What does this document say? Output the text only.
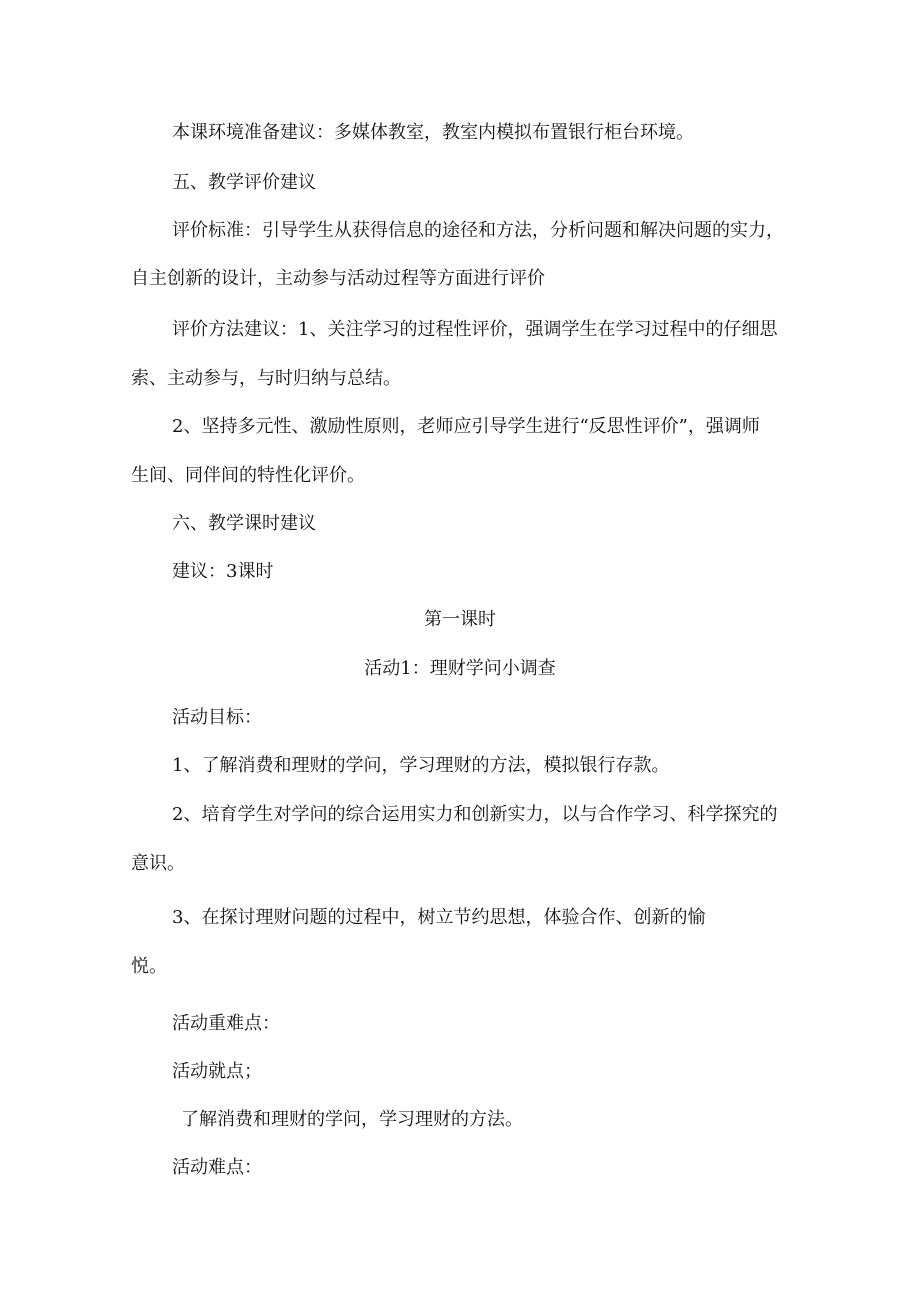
本课环境准备建议：多媒体教室，教室内模拟布置银行柜台环境。
五、教学评价建议
评价标准：引导学生从获得信息的途径和方法，分析问题和解决问题的实力，
自主创新的设计，主动参与活动过程等方面进行评价
评价方法建议：1、关注学习的过程性评价，强调学生在学习过程中的仔细思
索、主动参与，与时归纳与总结。
2、坚持多元性、激励性原则，老师应引导学生进行“反思性评价”，强调师
生间、同伴间的特性化评价。
六、教学课时建议
建议：3课时
第一课时
活动1：理财学问小调查
活动目标：
1、了解消费和理财的学问，学习理财的方法，模拟银行存款。
2、培育学生对学问的综合运用实力和创新实力，以与合作学习、科学探究的
意识。
3、在探讨理财问题的过程中，树立节约思想，体验合作、创新的愉
悦。
活动重难点：
活动就点；
了解消费和理财的学问，学习理财的方法。
活动难点：
